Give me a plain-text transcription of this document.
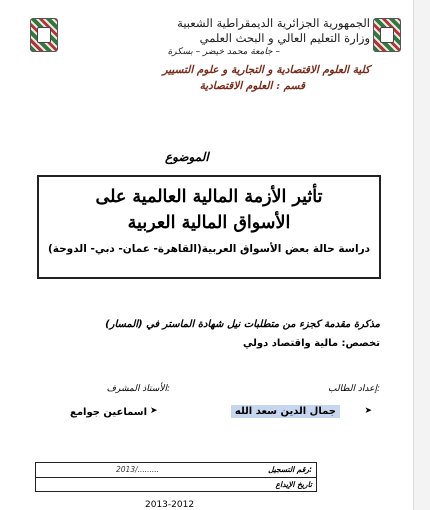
الجمهورية الجزائرية الديمقراطية الشعبية
وزارة التعليم العالي و البحث العلمي
جامعة محمد خيضر – بسكرة –
كلية العلوم الاقتصادية و التجارية و علوم التسيير
قسم : العلوم الاقتصادية
الموضوع
تأثير الأزمة المالية العالمية على
الأسواق المالية العربية
دراسة حالة بعض الأسواق العربية(القاهرة- عمان- دبي- الدوحة)
مذكرة مقدمة كجزء من متطلبات نيل شهادة الماستر في (المسار)
تخصص: مالية واقتصاد دولي
إعداد الطالب:
الأستاذ المشرف:
➤
جمال الدين سعد الله
➤
اسماعين جوامع
رقم التسجيل:
2013/.........
تاريخ الإيداع
2013-2012
